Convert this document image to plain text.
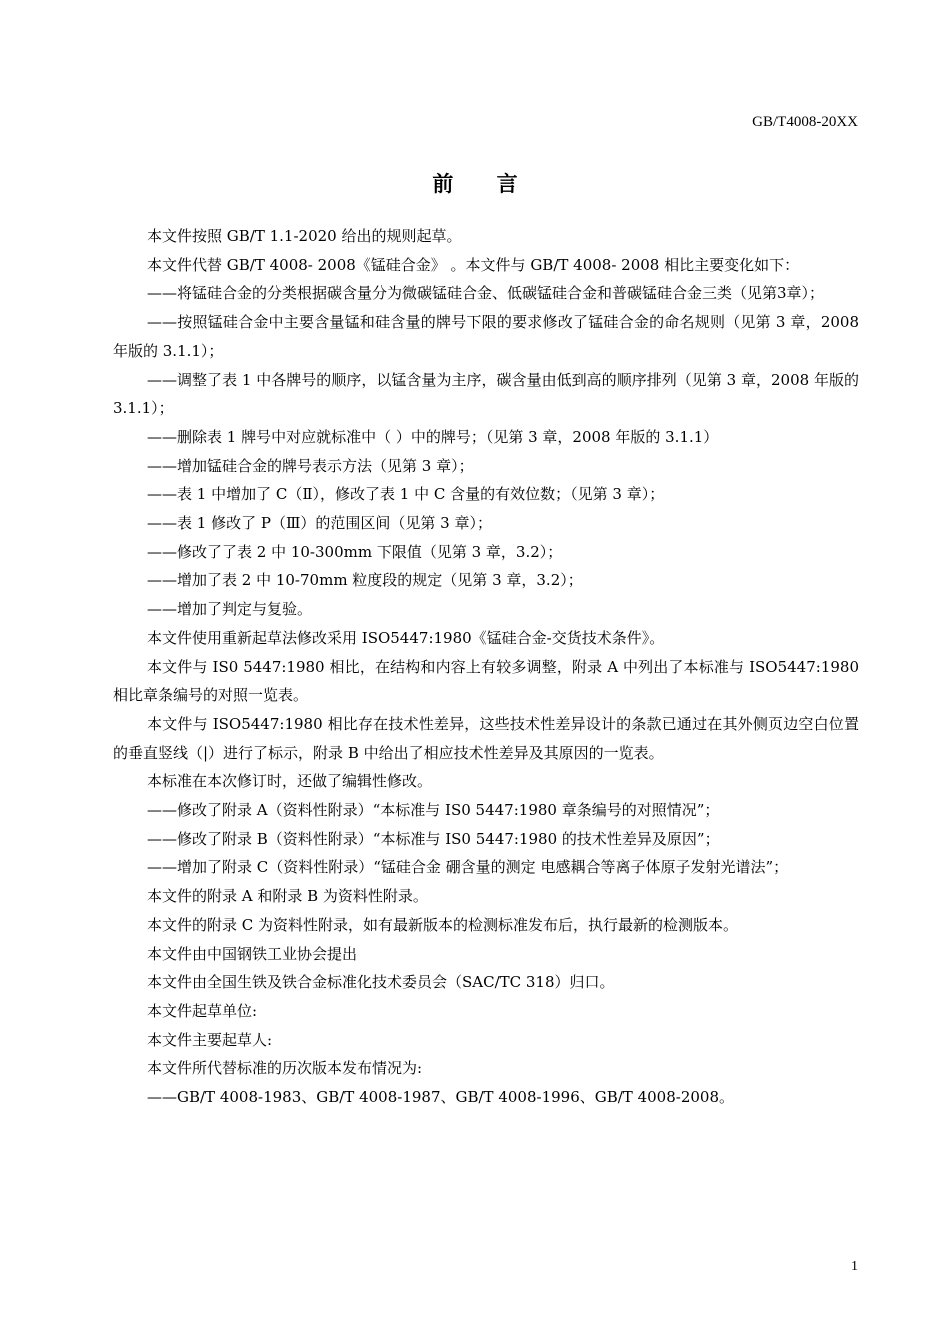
GB/T4008-20XX
前 言

本文件按照 GB/T 1.1-2020 给出的规则起草。

本文件代替 GB/T 4008- 2008《锰硅合金》 。本文件与 GB/T 4008- 2008 相比主要变化如下：

——将锰硅合金的分类根据碳含量分为微碳锰硅合金、低碳锰硅合金和普碳锰硅合金三类（见第3章）；

——按照锰硅合金中主要含量锰和硅含量的牌号下限的要求修改了锰硅合金的命名规则（见第 3 章，2008 年版的 3.1.1）；

——调整了表 1 中各牌号的顺序，以锰含量为主序，碳含量由低到高的顺序排列（见第 3 章，2008 年版的 3.1.1）；

——删除表 1 牌号中对应就标准中（ ）中的牌号；（见第 3 章，2008 年版的 3.1.1）

——增加锰硅合金的牌号表示方法（见第 3 章）；

——表 1 中增加了 C（Ⅱ），修改了表 1 中 C 含量的有效位数；（见第 3 章）；

——表 1 修改了 P（Ⅲ）的范围区间（见第 3 章）；

——修改了了表 2 中 10-300mm 下限值（见第 3 章，3.2）；

——增加了表 2 中 10-70mm 粒度段的规定（见第 3 章，3.2）；

——增加了判定与复验。

本文件使用重新起草法修改采用 ISO5447:1980《锰硅合金-交货技术条件》。

本文件与 IS0 5447:1980 相比，在结构和内容上有较多调整，附录 A 中列出了本标准与 ISO5447:1980 相比章条编号的对照一览表。

本文件与 ISO5447:1980 相比存在技术性差异，这些技术性差异设计的条款已通过在其外侧页边空白位置的垂直竖线（|）进行了标示，附录 B 中给出了相应技术性差异及其原因的一览表。

本标准在本次修订时，还做了编辑性修改。

——修改了附录 A（资料性附录）“本标准与 IS0 5447:1980 章条编号的对照情况”；

——修改了附录 B（资料性附录）“本标准与 IS0 5447:1980 的技术性差异及原因”；

——增加了附录 C（资料性附录）“锰硅合金 硼含量的测定 电感耦合等离子体原子发射光谱法”；

本文件的附录 A 和附录 B 为资料性附录。

本文件的附录 C 为资料性附录，如有最新版本的检测标准发布后，执行最新的检测版本。

本文件由中国钢铁工业协会提出

本文件由全国生铁及铁合金标准化技术委员会（SAC/TC 318）归口。

本文件起草单位:

本文件主要起草人:

本文件所代替标准的历次版本发布情况为:

——GB/T 4008-1983、GB/T 4008-1987、GB/T 4008-1996、GB/T 4008-2008。

1
